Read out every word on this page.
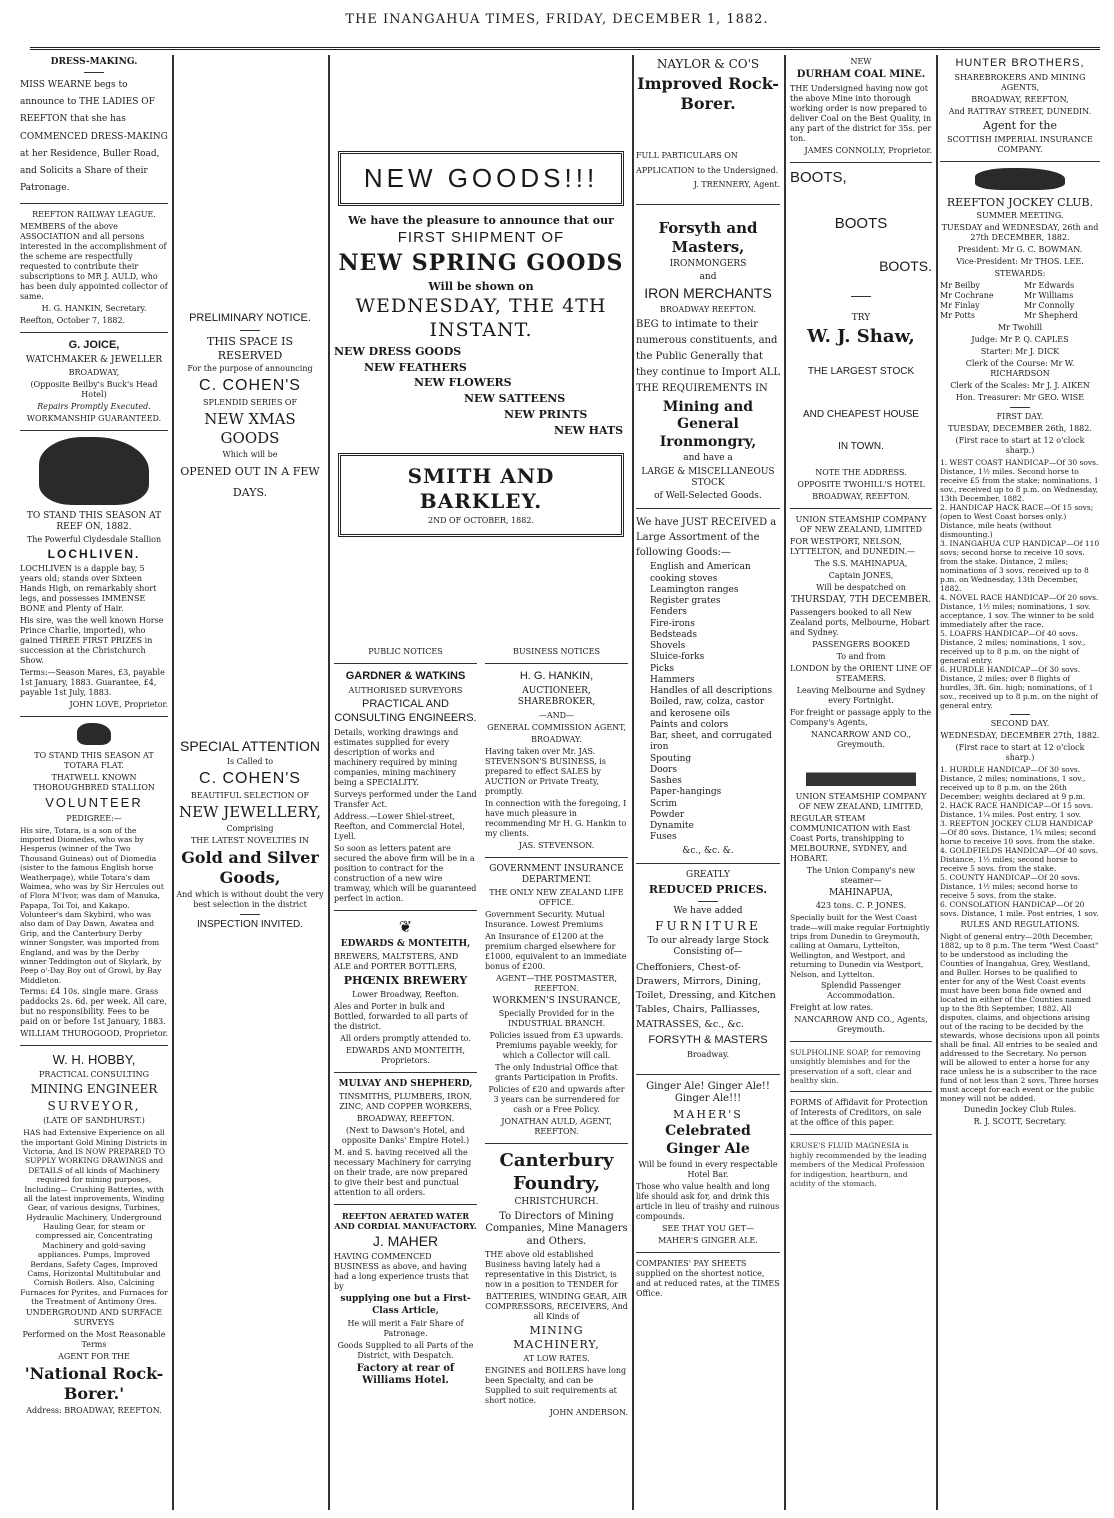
THE INANGAHUA TIMES, FRIDAY, DECEMBER 1, 1882.

DRESS-MAKING.

MISS WEARNE begs to announce to THE LADIES OF REEFTON that she has COMMENCED DRESS-MAKING at her Residence, Buller Road, and Solicits a Share of their Patronage.

REEFTON RAILWAY LEAGUE.

MEMBERS of the above ASSOCIATION and all persons interested in the accomplishment of the scheme are respectfully requested to contribute their subscriptions to MR J. AULD, who has been duly appointed collector of same.

H. G. HANKIN, Secretary.

Reefton, October 7, 1882.

G. JOICE,

WATCHMAKER & JEWELLER

BROADWAY,

(Opposite Beilby's Buck's Head Hotel)

Repairs Promptly Executed.

WORKMANSHIP GUARANTEED.

TO STAND THIS SEASON AT REEF ON, 1882.

The Powerful Clydesdale Stallion

LOCHLIVEN.

LOCHLIVEN is a dapple bay, 5 years old; stands over Sixteen Hands High, on remarkably short legs, and possesses IMMENSE BONE and Plenty of Hair.

His sire, was the well known Horse Prince Charlie, imported), who gained THREE FIRST PRIZES in succession at the Christchurch Show.

Terms:—Season Mares, £3, payable 1st January, 1883. Guarantee, £4, payable 1st July, 1883.

JOHN LOVE, Proprietor.

TO STAND THIS SEASON AT TOTARA FLAT.

THATWELL KNOWN THOROUGHBRED STALLION

VOLUNTEER

PEDIGREE:—

His sire, Totara, is a son of the imported Diomedes, who was by Hesperus (winner of the Two Thousand Guineas) out of Diomedia (sister to the famous English horse Weatherpage), while Totara's dam Waimea, who was by Sir Hercules out of Flora M'Ivor, was dam of Manuka, Papapa, Toi Toi, and Kakapo. Volunteer's dam Skybird, who was also dam of Day Dawn, Awatea and Grip, and the Canterbury Derby winner Songster, was imported from England, and was by the Derby winner Teddington out of Skylark, by Peep o'-Day Boy out of Growl, by Bay Middleton.

Terms: £4 10s. single mare. Grass paddocks 2s. 6d. per week. All care, but no responsibility. Fees to be paid on or before 1st January, 1883.

WILLIAM THUROGOOD, Proprietor.

W. H. HOBBY,

PRACTICAL CONSULTING

MINING ENGINEER

SURVEYOR,

(LATE OF SANDHURST.)

HAS had Extensive Experience on all the important Gold Mining Districts in Victoria, And IS NOW PREPARED TO SUPPLY WORKING DRAWINGS and DETAILS of all kinds of Machinery required for mining purposes, Including— Crushing Batteries, with all the latest improvements, Winding Gear, of various designs, Turbines, Hydraulic Machinery, Underground Hauling Gear, for steam or compressed air, Concentrating Machinery and gold-saving appliances. Pumps, Improved Berdans, Safety Cages, Improved Cams, Horizontal Multitubular and Cornish Boilers. Also, Calcining Furnaces for Pyrites, and Furnaces for the Treatment of Antimony Ores.

UNDERGROUND AND SURFACE SURVEYS

Performed on the Most Reasonable Terms

AGENT FOR THE

'National Rock-Borer.'

Address: BROADWAY, REEFTON.

PRELIMINARY NOTICE.

THIS SPACE IS RESERVED

For the purpose of announcing

C. COHEN'S

SPLENDID SERIES OF

NEW XMAS GOODS

Which will be

OPENED OUT IN A FEW DAYS.

SPECIAL ATTENTION

Is Called to

C. COHEN'S

BEAUTIFUL SELECTION OF

NEW JEWELLERY,

Comprising

THE LATEST NOVELTIES IN

Gold and Silver Goods,

And which is without doubt the very best selection in the district

INSPECTION INVITED.

NEW GOODS!!!

We have the pleasure to announce that our

FIRST SHIPMENT OF

NEW SPRING GOODS

Will be shown on

WEDNESDAY, THE 4TH INSTANT.

NEW DRESS GOODS

NEW FEATHERS

NEW FLOWERS

NEW SATTEENS

NEW PRINTS

NEW HATS

SMITH AND BARKLEY.

2ND OF OCTOBER, 1882.

PUBLIC NOTICES

GARDNER & WATKINS

AUTHORISED SURVEYORS

PRACTICAL AND CONSULTING ENGINEERS.

Details, working drawings and estimates supplied for every description of works and machinery required by mining companies, mining machinery being a SPECIALITY.

Surveys performed under the Land Transfer Act.

Address.—Lower Shiel-street, Reefton, and Commercial Hotel, Lyell.

So soon as letters patent are secured the above firm will be in a position to contract for the construction of a new wire tramway, which will be guaranteed perfect in action.

❦

EDWARDS & MONTEITH,

BREWERS, MALTSTERS, AND ALE and PORTER BOTTLERS,

PHŒNIX BREWERY

Lower Broadway, Reefton.

Ales and Porter in bulk and Bottled, forwarded to all parts of the district.

All orders promptly attended to.

EDWARDS AND MONTEITH, Proprietors.

MULVAY AND SHEPHERD,

TINSMITHS, PLUMBERS, IRON, ZINC, AND COPPER WORKERS,

BROADWAY, REEFTON.

(Next to Dawson's Hotel, and opposite Danks' Empire Hotel.)

M. and S. having received all the necessary Machinery for carrying on their trade, are now prepared to give their best and punctual attention to all orders.

REEFTON AERATED WATER AND CORDIAL MANUFACTORY.

J. MAHER

HAVING COMMENCED BUSINESS as above, and having had a long experience trusts that by

supplying one but a First-Class Article,

He will merit a Fair Share of Patronage.

Goods Supplied to all Parts of the District, with Despatch.

Factory at rear of Williams Hotel.

BUSINESS NOTICES

H. G. HANKIN,

AUCTIONEER, SHAREBROKER,

—AND—

GENERAL COMMISSION AGENT,

BROADWAY.

Having taken over Mr. JAS. STEVENSON'S BUSINESS, is prepared to effect SALES by AUCTION or Private Treaty, promptly.

In connection with the foregoing, I have much pleasure in recommending Mr H. G. Hankin to my clients.

JAS. STEVENSON.

GOVERNMENT INSURANCE DEPARTMENT.

THE ONLY NEW ZEALAND LIFE OFFICE.

Government Security. Mutual Insurance. Lowest Premiums

An Insurance of £1200 at the premium charged elsewhere for £1000, equivalent to an immediate bonus of £200.

AGENT—THE POSTMASTER, REEFTON.

WORKMEN'S INSURANCE,

Specially Provided for in the INDUSTRIAL BRANCH.

Policies issued from £3 upwards. Premiums payable weekly, for which a Collector will call.

The only Industrial Office that grants Participation in Profits.

Policies of £20 and upwards after 3 years can be surrendered for cash or a Free Policy.

JONATHAN AULD, AGENT, REEFTON.

Canterbury Foundry,

CHRISTCHURCH.

To Directors of Mining Companies, Mine Managers and Others.

THE above old established Business having lately had a representative in this District, is now in a position to TENDER for

BATTERIES, WINDING GEAR, AIR COMPRESSORS, RECEIVERS, And all Kinds of

MINING MACHINERY,

AT LOW RATES.

ENGINES and BOILERS have long been Specialty, and can be Supplied to suit requirements at short notice.

JOHN ANDERSON.

NAYLOR & CO'S

Improved Rock-Borer.

FULL PARTICULARS ON APPLICATION to the Undersigned.

J. TRENNERY, Agent.

Forsyth and Masters,

IRONMONGERS

and

IRON MERCHANTS

BROADWAY REEFTON.

BEG to intimate to their numerous constituents, and the Public Generally that they continue to Import ALL THE REQUIREMENTS IN

Mining and General Ironmongry,

and have a

LARGE & MISCELLANEOUS STOCK

of Well-Selected Goods.

We have JUST RECEIVED a Large Assortment of the following Goods:—

English and American cooking stoves
Leamington ranges
Register grates
Fenders
Fire-irons
Bedsteads
Shovels
Sluice-forks
Picks
Hammers
Handles of all descriptions
Boiled, raw, colza, castor and kerosene oils
Paints and colors
Bar, sheet, and corrugated iron
Spouting
Doors
Sashes
Paper-hangings
Scrim
Powder
Dynamite
Fuses

&c., &c. &.

GREATLY

REDUCED PRICES.

We have added

FURNITURE

To our already large Stock Consisting of—

Cheffoniers, Chest-of-Drawers, Mirrors, Dining, Toilet, Dressing, and Kitchen Tables, Chairs, Palliasses, MATRASSES, &c., &c.

FORSYTH & MASTERS

Broadway.

Ginger Ale! Ginger Ale!! Ginger Ale!!!

MAHER'S

Celebrated Ginger Ale

Will be found in every respectable Hotel Bar.

Those who value health and long life should ask for, and drink this article in lieu of trashy and ruinous compounds.

SEE THAT YOU GET—

MAHER'S GINGER ALE.

COMPANIES' PAY SHEETS supplied on the shortest notice, and at reduced rates, at the TIMES Office.

NEW

DURHAM COAL MINE.

THE Undersigned having now got the above Mine into thorough working order is now prepared to deliver Coal on the Best Quality, in any part of the district for 35s. per ton.

JAMES CONNOLLY, Proprietor.

BOOTS,

BOOTS

BOOTS.

TRY

W. J. Shaw,

THE LARGEST STOCK

AND CHEAPEST HOUSE

IN TOWN.

NOTE THE ADDRESS.

OPPOSITE TWOHILL'S HOTEL

BROADWAY, REEFTON.

UNION STEAMSHIP COMPANY OF NEW ZEALAND, LIMITED

FOR WESTPORT, NELSON, LYTTELTON, and DUNEDIN.—

The S.S. MAHINAPUA,

Captain JONES,

Will be despatched on

THURSDAY, 7TH DECEMBER.

Passengers booked to all New Zealand ports, Melbourne, Hobart and Sydney.

PASSENGERS BOOKED

To and from

LONDON by the ORIENT LINE OF STEAMERS.

Leaving Melbourne and Sydney every Fortnight.

For freight or passage apply to the Company's Agents,

NANCARROW AND CO., Greymouth.

UNION STEAMSHIP COMPANY OF NEW ZEALAND, LIMITED,

REGULAR STEAM COMMUNICATION with East Coast Ports, transhipping to MELBOURNE, SYDNEY, and HOBART.

The Union Company's new steamer—

MAHINAPUA,

423 tons. C. P. JONES.

Specially built for the West Coast trade—will make regular Fortnightly trips from Dunedin to Greymouth, calling at Oamaru, Lyttelton, Wellington, and Westport, and returning to Dunedin via Westport, Nelson, and Lyttelton.

Splendid Passenger Accommodation.

Freight at low rates.

NANCARROW AND CO., Agents, Greymouth.

SULPHOLINE SOAP, for removing unsightly blemishes and for the preservation of a soft, clear and healthy skin.

FORMS of Affidavit for Protection of Interests of Creditors, on sale at the office of this paper.

KRUSE'S FLUID MAGNESIA is highly recommended by the leading members of the Medical Profession for indigestion, heartburn, and acidity of the stomach.

HUNTER BROTHERS,

SHAREBROKERS AND MINING AGENTS,

BROADWAY, REEFTON,

And RATTRAY STREET, DUNEDIN.

Agent for the

SCOTTISH IMPERIAL INSURANCE COMPANY.

REEFTON JOCKEY CLUB.

SUMMER MEETING.

TUESDAY and WEDNESDAY, 26th and 27th DECEMBER, 1882.

President: Mr G. C. BOWMAN.

Vice-President: Mr THOS. LEE.

STEWARDS:

Mr Beilby
Mr Cochrane
Mr Finlay
Mr Potts
Mr Edwards
Mr Williams
Mr Connolly
Mr Shepherd

Mr Twohill

Judge: Mr P. Q. CAPLES

Starter: Mr J. DICK

Clerk of the Course: Mr W. RICHARDSON

Clerk of the Scales: Mr J. J. AIKEN

Hon. Treasurer: Mr GEO. WISE

FIRST DAY.

TUESDAY, DECEMBER 26th, 1882.

(First race to start at 12 o'clock sharp.)

1. WEST COAST HANDICAP—Of 30 sovs. Distance, 1½ miles. Second horse to receive £5 from the stake; nominations, 1 sov., received up to 8 p.m. on Wednesday, 13th December, 1882.
2. HANDICAP HACK RACE—Of 15 sovs; (open to West Coast horses only.) Distance, mile heats (without dismounting.)
3. INANGAHUA CUP HANDICAP—Of 110 sovs; second horse to receive 10 sovs. from the stake. Distance, 2 miles; nominations of 3 sovs. received up to 8 p.m. on Wednesday, 13th December, 1882.
4. NOVEL RACE HANDICAP—Of 20 sovs. Distance, 1½ miles; nominations, 1 sov. acceptance, 1 sov. The winner to be sold immediately after the race.
5. LOAFRS HANDICAP—Of 40 sovs. Distance, 2 miles; nominations, 1 sov., received up to 8 p.m. on the night of general entry.
6. HURDLE HANDICAP—Of 30 sovs. Distance, 2 miles; over 8 flights of hurdles, 3ft. 6in. high; nominations, of 1 sov., received up to 8 p.m. on the night of general entry.

SECOND DAY.

WEDNESDAY, DECEMBER 27th, 1882.

(First race to start at 12 o'clock sharp.)

1. HURDLE HANDICAP—Of 30 sovs. Distance, 2 miles; nominations, 1 sov., received up to 8 p.m. on the 26th December; weights declared at 9 p.m.
2. HACK RACE HANDICAP—Of 15 sovs. Distance, 1¼ miles. Post entry, 1 sov.
3. REEFTON JOCKEY CLUB HANDICAP—Of 80 sovs. Distance, 1¾ miles; second horse to receive 10 sovs. from the stake.
4. GOLDFIELDS HANDICAP—Of 40 sovs. Distance, 1½ miles; second horse to receive 5 sovs. from the stake.
5. COUNTY HANDICAP—Of 20 sovs. Distance, 1½ miles; second horse to receive 5 sovs. from the stake.
6. CONSOLATION HANDICAP—Of 20 sovs. Distance, 1 mile. Post entries, 1 sov.

RULES AND REGULATIONS.

Night of general entry—20th December, 1882, up to 8 p.m. The term "West Coast" to be understood as including the Counties of Inangahua, Grey, Westland, and Buller. Horses to be qualified to enter for any of the West Coast events must have been bona fide owned and located in either of the Counties named up to the 8th September, 1882. All disputes, claims, and objections arising out of the racing to be decided by the stewards, whose decisions upon all points shall be final. All entries to be sealed and addressed to the Secretary. No person will be allowed to enter a horse for any race unless he is a subscriber to the race fund of not less than 2 sovs. Three horses must accept for each event or the public money will not be added.

Dunedin Jockey Club Rules.

R. J. SCOTT, Secretary.
